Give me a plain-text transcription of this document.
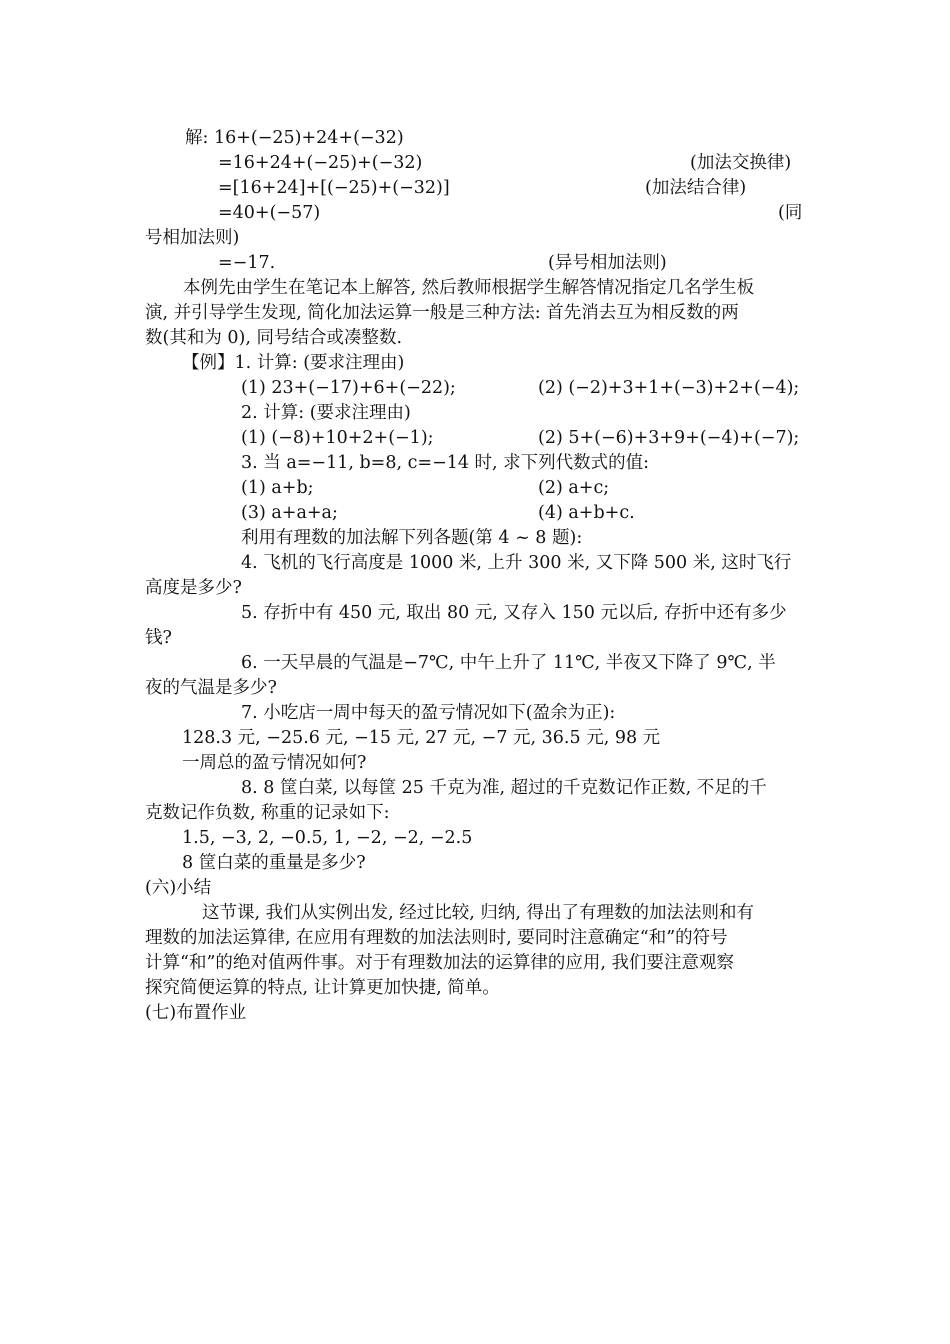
解: 16+(−25)+24+(−32)
=16+24+(−25)+(−32)	(加法交换律)
=[16+24]+[(−25)+(−32)]	(加法结合律)
=40+(−57)	(同
号相加法则)
=−17.	(异号相加法则)
本例先由学生在笔记本上解答, 然后教师根据学生解答情况指定几名学生板
演, 并引导学生发现, 简化加法运算一般是三种方法: 首先消去互为相反数的两
数(其和为 0), 同号结合或凑整数.
【例】1. 计算: (要求注理由)
(1) 23+(−17)+6+(−22);	(2) (−2)+3+1+(−3)+2+(−4);
2. 计算: (要求注理由)
(1) (−8)+10+2+(−1);	(2) 5+(−6)+3+9+(−4)+(−7);
3. 当 a=−11, b=8, c=−14 时, 求下列代数式的值:
(1) a+b;	(2) a+c;
(3) a+a+a;	(4) a+b+c.
利用有理数的加法解下列各题(第 4 ~ 8 题):
4. 飞机的飞行高度是 1000 米, 上升 300 米, 又下降 500 米, 这时飞行
高度是多少?
5. 存折中有 450 元, 取出 80 元, 又存入 150 元以后, 存折中还有多少
钱?
6. 一天早晨的气温是−7℃, 中午上升了 11℃, 半夜又下降了 9℃, 半
夜的气温是多少?
7. 小吃店一周中每天的盈亏情况如下(盈余为正):
128.3 元, −25.6 元, −15 元, 27 元, −7 元, 36.5 元, 98 元
一周总的盈亏情况如何?
8. 8 筐白菜, 以每筐 25 千克为准, 超过的千克数记作正数, 不足的千
克数记作负数, 称重的记录如下:
1.5, −3, 2, −0.5, 1, −2, −2, −2.5
8 筐白菜的重量是多少?
(六)小结
这节课, 我们从实例出发, 经过比较, 归纳, 得出了有理数的加法法则和有
理数的加法运算律, 在应用有理数的加法法则时, 要同时注意确定“和”的符号
计算“和”的绝对值两件事。对于有理数加法的运算律的应用, 我们要注意观察
探究简便运算的特点, 让计算更加快捷, 简单。
(七)布置作业
